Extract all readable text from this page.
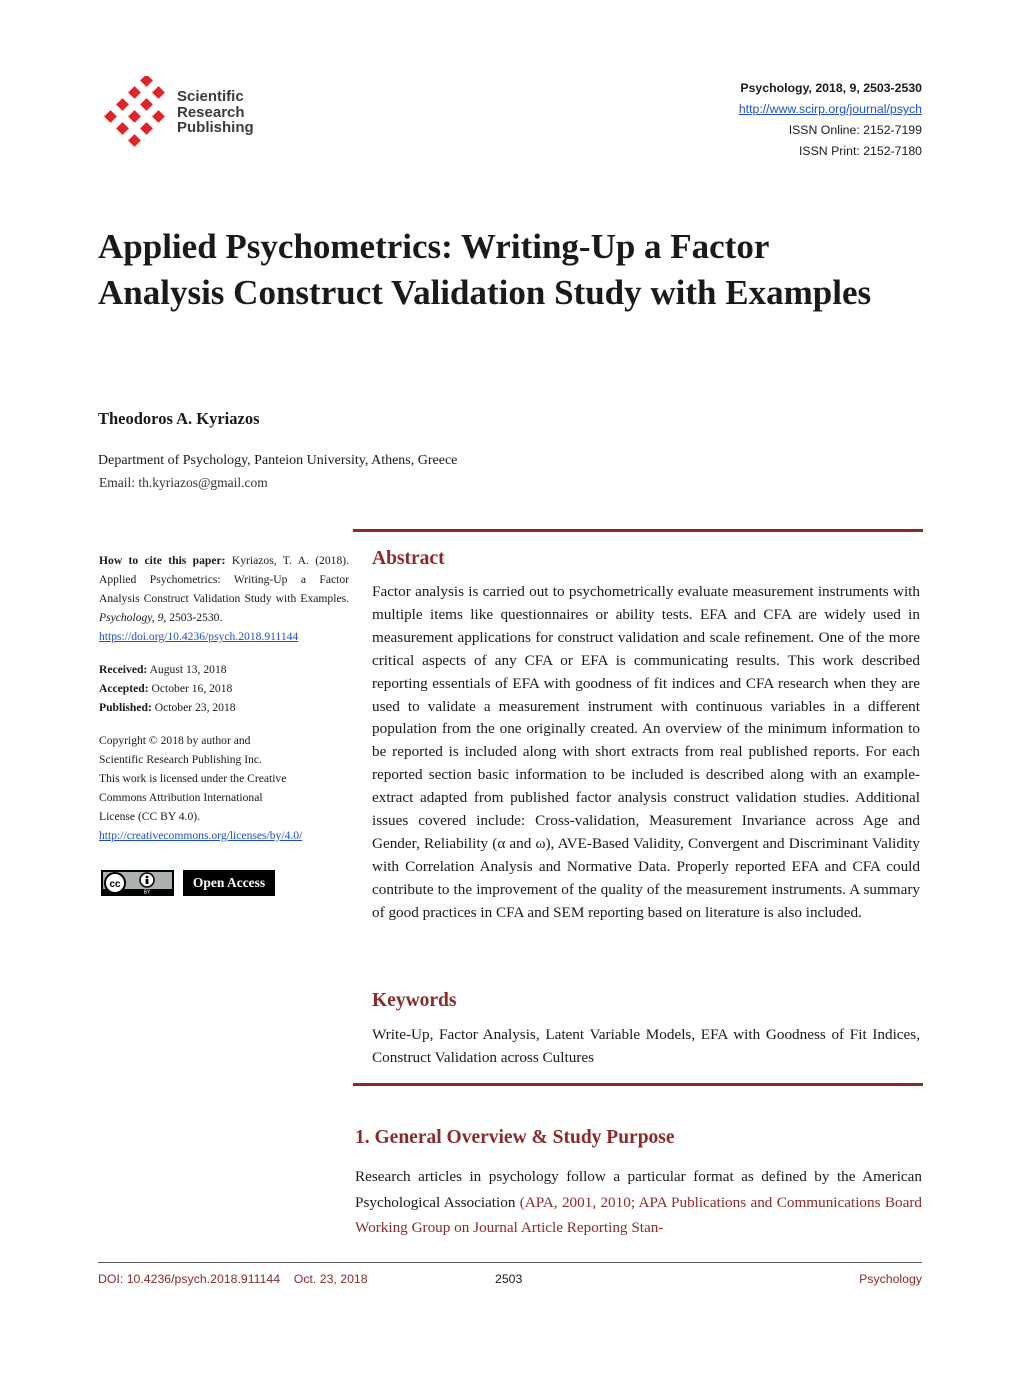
Scientific
Research
Publishing
Psychology, 2018, 9, 2503-2530
http://www.scirp.org/journal/psych
ISSN Online: 2152-7199
ISSN Print: 2152-7180
Applied Psychometrics: Writing-Up a Factor Analysis Construct Validation Study with Examples
Theodoros A. Kyriazos
Department of Psychology, Panteion University, Athens, Greece
Email: th.kyriazos@gmail.com
How to cite this paper: Kyriazos, T. A. (2018). Applied Psychometrics: Writing-Up a Factor Analysis Construct Validation Study with Examples. Psychology, 9, 2503-2530.
https://doi.org/10.4236/psych.2018.911144
Received: August 13, 2018
Accepted: October 16, 2018
Published: October 23, 2018
Copyright © 2018 by author and
Scientific Research Publishing Inc.
This work is licensed under the Creative
Commons Attribution International
License (CC BY 4.0).
http://creativecommons.org/licenses/by/4.0/
cc
BY
Open Access
Abstract
Factor analysis is carried out to psychometrically evaluate measurement instruments with multiple items like questionnaires or ability tests. EFA and CFA are widely used in measurement applications for construct validation and scale refinement. One of the more critical aspects of any CFA or EFA is communicating results. This work described reporting essentials of EFA with goodness of fit indices and CFA research when they are used to validate a measurement instrument with continuous variables in a different population from the one originally created. An overview of the minimum information to be reported is included along with short extracts from real published reports. For each reported section basic information to be included is described along with an example-extract adapted from published factor analysis construct validation studies. Additional issues covered include: Cross-validation, Measurement Invariance across Age and Gender, Reliability (α and ω), AVE-Based Validity, Convergent and Discriminant Validity with Correlation Analysis and Normative Data. Properly reported EFA and CFA could contribute to the improvement of the quality of the measurement instruments. A summary of good practices in CFA and SEM reporting based on literature is also included.
Keywords
Write-Up, Factor Analysis, Latent Variable Models, EFA with Goodness of Fit Indices, Construct Validation across Cultures
1. General Overview & Study Purpose
Research articles in psychology follow a particular format as defined by the American Psychological Association (APA, 2001, 2010; APA Publications and Communications Board Working Group on Journal Article Reporting Stan-
DOI: 10.4236/psych.2018.911144 Oct. 23, 2018	2503	Psychology
